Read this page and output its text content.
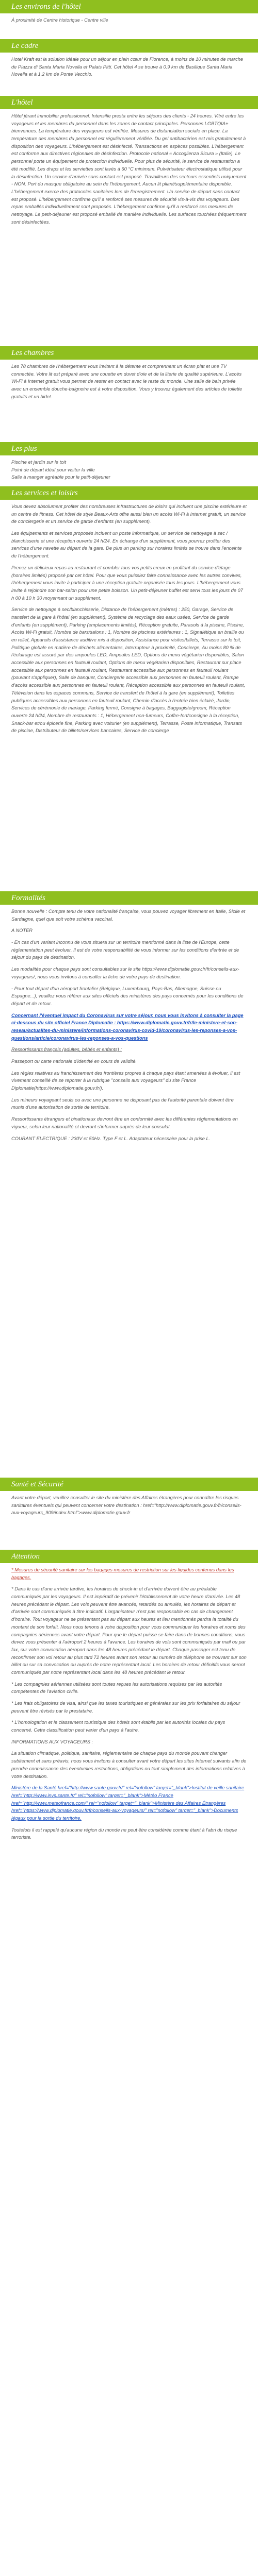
Les environs de l'hôtel

À proximité de Centre historique - Centre ville

Le cadre

Hotel Kraft est la solution idéale pour un séjour en plein cœur de Florence, à moins de 10 minutes de marche de Piazza di Santa Maria Novella et Palais Pitti. Cet hôtel 4 se trouve à 0.9 km de Basilique Santa Maria Novella et à 1.2 km de Ponte Vecchio.

L'hôtel

Hôtel jérant immobilier professionnel. Intensifie presta entre les séjours des clients - 24 heures. Vitré entre les voyageurs et les membres du personnel dans les zones de contact principales. Personnes LGBTQIA+ bienvenues. La température des voyageurs est vérifiée. Mesures de distanciation sociale en place. La température des membres du personnel est régulièrement vérifiée. Du gel antibactérien est mis gratuitement à disposition des voyageurs. L'hébergement est désinfecté. Transactions en espèces possibles. L'hébergement est conforme aux directives régionales de désinfection. Protocole national « Accoglienza Sicura » (Italie). Le personnel porte un équipement de protection individuelle. Pour plus de sécurité, le service de restauration a été modifié. Les draps et les serviettes sont lavés à 60 °C minimum. Pulvérisateur électrostatique utilisé pour la désinfection. Un service d'arrivée sans contact est proposé. Travailleurs des secteurs essentiels uniquement - NON. Port du masque obligatoire au sein de l'hébergement. Aucun lit pliant/supplémentaire disponible. L'hébergement exerce des protocoles sanitaires lors de l'enregistrement. Un service de départ sans contact est proposé. L'hébergement confirme qu'il a renforcé ses mesures de sécurité vis-à-vis des voyageurs. Des repas emballés individuellement sont proposés. L'hébergement confirme qu'il a renforcé ses mesures de nettoyage. Le petit-déjeuner est proposé emballé de manière individuelle. Les surfaces touchées fréquemment sont désinfectées.

Les chambres

Les 78 chambres de l'hébergement vous invitent à la détente et comprennent un écran plat et une TV connectée. Votre lit est préparé avec une couette en duvet d'oie et de la literie de qualité supérieure. L'accès Wi-Fi à Internet gratuit vous permet de rester en contact avec le reste du monde. Une salle de bain privée avec un ensemble douche-baignoire est à votre disposition. Vous y trouvez également des articles de toilette gratuits et un bidet.

Les plus
Piscine et jardin sur le toit
Point de départ idéal pour visiter la ville
Salle à manger agréable pour le petit-déjeuner
Les services et loisirs

Vous devez absolument profiter des nombreuses infrastructures de loisirs qui incluent une piscine extérieure et un centre de fitness. Cet hôtel de style Beaux-Arts offre aussi bien un accès Wi-Fi à Internet gratuit, un service de conciergerie et un service de garde d'enfants (en supplément).

Les équipements et services proposés incluent un poste informatique, un service de nettoyage à sec / blanchisserie et une réception ouverte 24 h/24. En échange d'un supplément, vous pourrez profiter des services d'une navette au départ de la gare. De plus un parking sur horaires limités se trouve dans l'enceinte de l'hébergement.

Prenez un délicieux repas au restaurant et combler tous vos petits creux en profitant du service d'étage (horaires limités) proposé par cet hôtel. Pour que vous puissiez faire connaissance avec les autres convives, l'hébergement vous invite à participer à une réception gratuite organisée tous les jours. L'hébergement vous invite à rejoindre son bar-salon pour une petite boisson. Un petit-déjeuner buffet est servi tous les jours de 07 h 00 à 10 h 30 moyennant un supplément.

Service de nettoyage à sec/blanchisserie, Distance de l'hébergement (mètres) : 250, Garage, Service de transfert de la gare à l'hôtel (en supplément), Système de recyclage des eaux usées, Service de garde d'enfants (en supplément), Parking (emplacements limités), Réception gratuite, Parasols à la piscine, Piscine, Accès Wi-Fi gratuit, Nombre de bars/salons : 1, Nombre de piscines extérieures : 1, Signalétique en braille ou en relief, Appareils d'assistance auditive mis à disposition, Assistance pour visites/billets, Terrasse sur le toit, Politique globale en matière de déchets alimentaires, Interrupteur à proximité, Concierge, Au moins 80 % de l'éclairage est assuré par des ampoules LED, Ampoules LED, Options de menu végétarien disponibles, Salon accessible aux personnes en fauteuil roulant, Options de menu végétarien disponibles, Restaurant sur place accessible aux personnes en fauteuil roulant, Restaurant accessible aux personnes en fauteuil roulant (pouvant s'appliquer), Salle de banquet, Conciergerie accessible aux personnes en fauteuil roulant, Rampe d'accès accessible aux personnes en fauteuil roulant, Réception accessible aux personnes en fauteuil roulant, Télévision dans les espaces communs, Service de transfert de l'hôtel à la gare (en supplément), Toilettes publiques accessibles aux personnes en fauteuil roulant, Chemin d'accès à l'entrée bien éclairé, Jardin, Services de cérémonie de mariage, Parking fermé, Consigne à bagages, Baggagiste/groom, Réception ouverte 24 h/24, Nombre de restaurants : 1, Hébergement non-fumeurs, Coffre-fort/consigne à la réception, Snack-bar et/ou épicerie fine, Parking avec voiturier (en supplément), Terrasse, Poste informatique, Transats de piscine, Distributeur de billets/services bancaires, Service de concierge

Formalités

Bonne nouvelle : Compte tenu de votre nationalité française, vous pouvez voyager librement en Italie, Sicile et Sardaigne, quel que soit votre schéma vaccinal.

A NOTER

- En cas d'un variant inconnu de vous situera sur un territoire mentionné dans la liste de l'Europe, cette réglementation peut évoluer. Il est de votre responsabilité de vous informer sur les conditions d'entrée et de séjour du pays de destination.

Les modalités pour chaque pays sont consultables sur le site https://www.diplomatie.gouv.fr/fr/conseils-aux-voyageurs/, nous vous invitons à consulter la fiche de votre pays de destination.

- Pour tout départ d'un aéroport frontalier (Belgique, Luxembourg, Pays-Bas, Allemagne, Suisse ou Espagne...), veuillez vous référer aux sites officiels des ministères des pays concernés pour les conditions de départ et de retour.

Concernant l'éventuel impact du Coronavirus sur votre séjour, nous vous invitons à consulter la page ci-dessous du site officiel France Diplomatie : https://www.diplomatie.gouv.fr/fr/le-ministere-et-son-reseau/actualites-du-ministere/informations-coronavirus-covid-19/coronavirus-les-reponses-a-vos-questions/article/coronavirus-les-reponses-a-vos-questions

Ressortissants français (adultes, bébés et enfants) :

Passeport ou carte nationale d'identité en cours de validité.

Les règles relatives au franchissement des frontières propres à chaque pays étant amenées à évoluer, il est vivement conseillé de se reporter à la rubrique "conseils aux voyageurs" du site France Diplomatie(https://www.diplomatie.gouv.fr/).

Les mineurs voyageant seuls ou avec une personne ne disposant pas de l'autorité parentale doivent être munis d'une autorisation de sortie de territoire.

Ressortissants étrangers et binationaux devront être en conformité avec les différentes réglementations en vigueur, selon leur nationalité et devront s'informer auprès de leur consulat.

COURANT ELECTRIQUE : 230V et 50Hz. Type F et L. Adaptateur nécessaire pour la prise L.

Santé et Sécurité

Avant votre départ, veuillez consulter le site du ministère des Affaires étrangères pour connaître les risques sanitaires éventuels qui peuvent concerner votre destination : href="http://www.diplomatie.gouv.fr/fr/conseils-aux-voyageurs_909/index.html">www.diplomatie.gouv.fr

Attention

* Mesures de sécurité sanitaire sur les bagages mesures de restriction sur les liquides contenus dans les bagages.

* Dans le cas d'une arrivée tardive, les horaires de check-in et d'arrivée doivent être au préalable communiqués par les voyageurs. Il est impératif de prévenir l'établissement de votre heure d'arrivée. Les 48 heures précédant le départ. Les vols peuvent être avancés, retardés ou annulés, les horaires de départ et d'arrivée sont communiqués à titre indicatif. L'organisateur n'est pas responsable en cas de changement d'horaire. Tout voyageur ne se présentant pas au départ aux heures et lieu mentionnés perdra la totalité du montant de son forfait. Nous nous tenons à votre disposition pour vous communiquer les horaires et noms des compagnies aériennes avant votre départ. Pour que le départ puisse se faire dans de bonnes conditions, vous devez vous présenter à l'aéroport 2 heures à l'avance. Les horaires de vols sont communiqués par mail ou par fax, sur votre convocation aéroport dans les 48 heures précédant le départ. Chaque passager est tenu de reconfirmer son vol retour au plus tard 72 heures avant son retour au numéro de téléphone se trouvant sur son billet ou sur sa convocation ou auprès de notre représentant local. Les horaires de retour définitifs vous seront communiqués par notre représentant local dans les 48 heures précédant le retour.

* Les compagnies aériennes utilisées sont toutes reçues les autorisations requises par les autorités compétentes de l'aviation civile.

* Les frais obligatoires de visa, ainsi que les taxes touristiques et générales sur les prix forfaitaires du séjour peuvent être révisés par le prestataire.

* L'homologation et le classement touristique des hôtels sont établis par les autorités locales du pays concerné. Cette classification peut varier d'un pays à l'autre.

INFORMATIONS AUX VOYAGEURS :

La situation climatique, politique, sanitaire, réglementaire de chaque pays du monde pouvant changer subitement et sans préavis, nous vous invitons à consulter avant votre départ les sites Internet suivants afin de prendre connaissance des éventuelles restrictions, obligations ou tout simplement des informations relatives à votre destination.

Ministère de la Santé href="http://www.sante.gouv.fr/" rel="nofollow" target="_blank">Institut de veille sanitaire href="http://www.invs.sante.fr/" rel="nofollow" target="_blank">Météo France href="http://www.meteofrance.com/" rel="nofollow" target="_blank">Ministère des Affaires Étrangères href="https://www.diplomatie.gouv.fr/fr/conseils-aux-voyageurs/" rel="nofollow" target="_blank">Documents légaux pour la sortie du territoire.

Toutefois il est rappelé qu'aucune région du monde ne peut être considérée comme étant à l'abri du risque terroriste.
